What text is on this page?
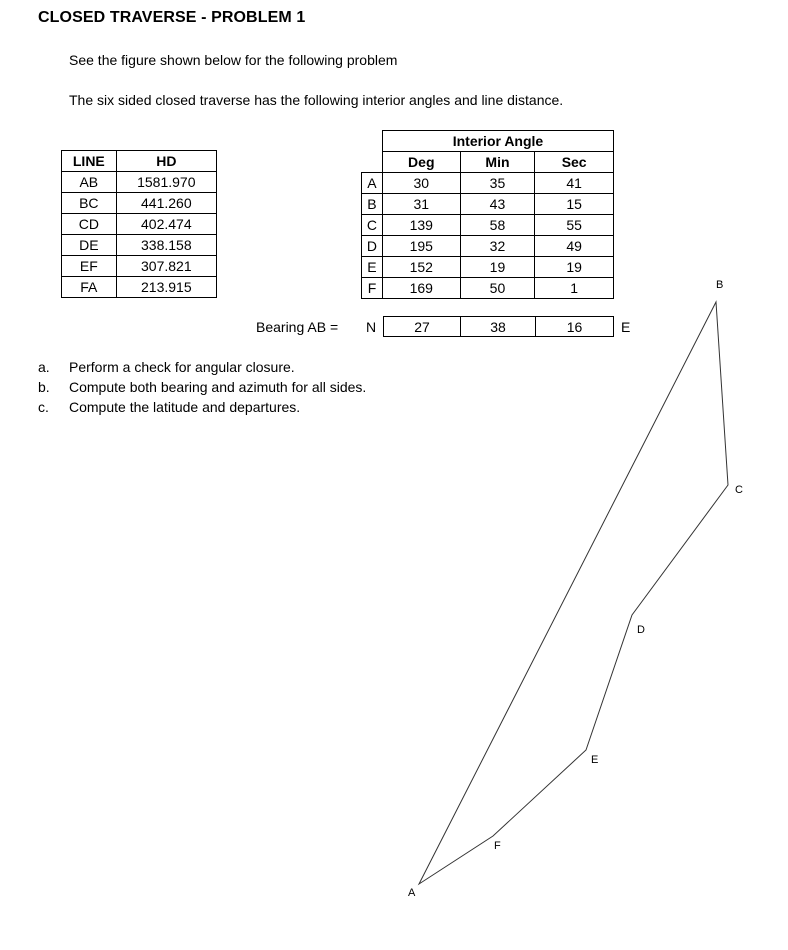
CLOSED TRAVERSE - PROBLEM 1
See the figure shown below for the following problem
The six sided closed traverse has the following interior angles and line distance.
LINE	HD
AB	1581.970
BC	441.260
CD	402.474
DE	338.158
EF	307.821
FA	213.915
	Interior Angle		
	Deg	Min	Sec
A	30	35	41
B	31	43	15
C	139	58	55
D	195	32	49
E	152	19	19
F	169	50	1
Bearing AB = N	27	38	16	E
a. Perform a check for angular closure.
b. Compute both bearing and azimuth for all sides.
c. Compute the latitude and departures.
A
B
C
D
E
F
